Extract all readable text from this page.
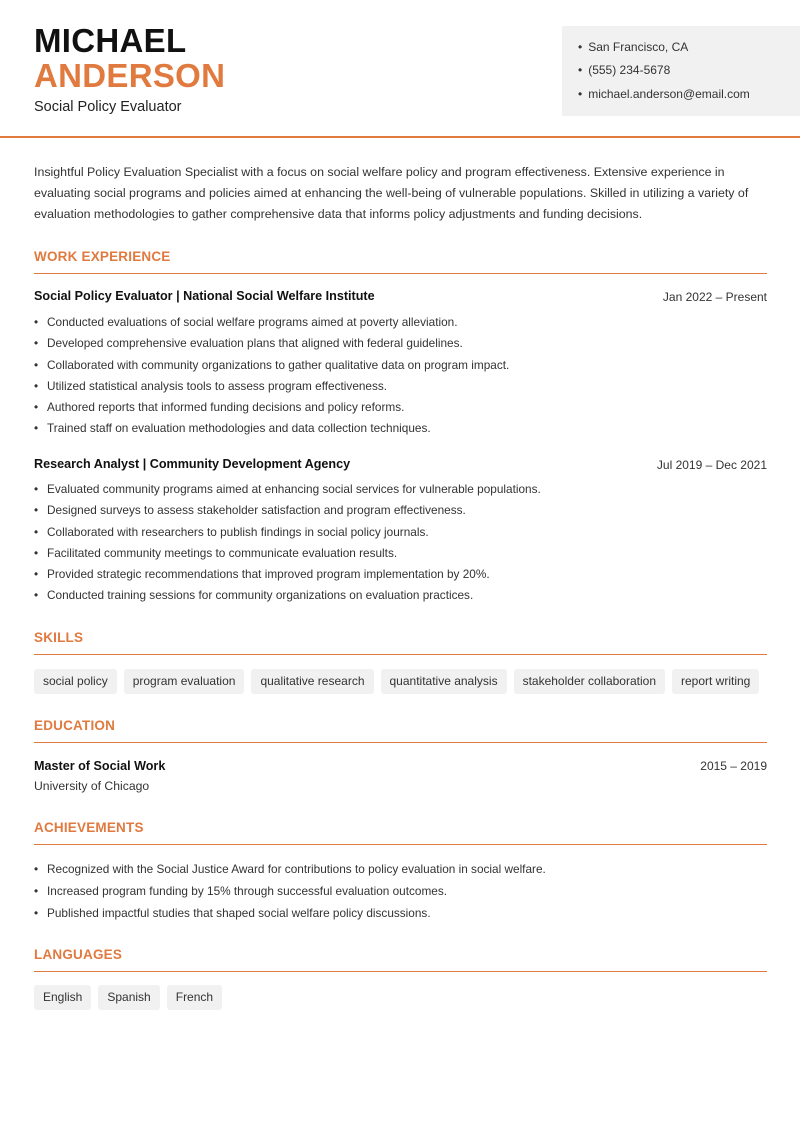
MICHAEL
ANDERSON
Social Policy Evaluator
• San Francisco, CA
• (555) 234-5678
• michael.anderson@email.com

Insightful Policy Evaluation Specialist with a focus on social welfare policy and program effectiveness. Extensive experience in evaluating social programs and policies aimed at enhancing the well-being of vulnerable populations. Skilled in utilizing a variety of evaluation methodologies to gather comprehensive data that informs policy adjustments and funding decisions.

WORK EXPERIENCE
Social Policy Evaluator | National Social Welfare Institute	Jan 2022 – Present
• Conducted evaluations of social welfare programs aimed at poverty alleviation.
• Developed comprehensive evaluation plans that aligned with federal guidelines.
• Collaborated with community organizations to gather qualitative data on program impact.
• Utilized statistical analysis tools to assess program effectiveness.
• Authored reports that informed funding decisions and policy reforms.
• Trained staff on evaluation methodologies and data collection techniques.
Research Analyst | Community Development Agency	Jul 2019 – Dec 2021
• Evaluated community programs aimed at enhancing social services for vulnerable populations.
• Designed surveys to assess stakeholder satisfaction and program effectiveness.
• Collaborated with researchers to publish findings in social policy journals.
• Facilitated community meetings to communicate evaluation results.
• Provided strategic recommendations that improved program implementation by 20%.
• Conducted training sessions for community organizations on evaluation practices.
SKILLS
social policy	program evaluation	qualitative research	quantitative analysis	stakeholder collaboration	report writing
EDUCATION
Master of Social Work	2015 – 2019
University of Chicago
ACHIEVEMENTS
• Recognized with the Social Justice Award for contributions to policy evaluation in social welfare.
• Increased program funding by 15% through successful evaluation outcomes.
• Published impactful studies that shaped social welfare policy discussions.
LANGUAGES
English	Spanish	French
